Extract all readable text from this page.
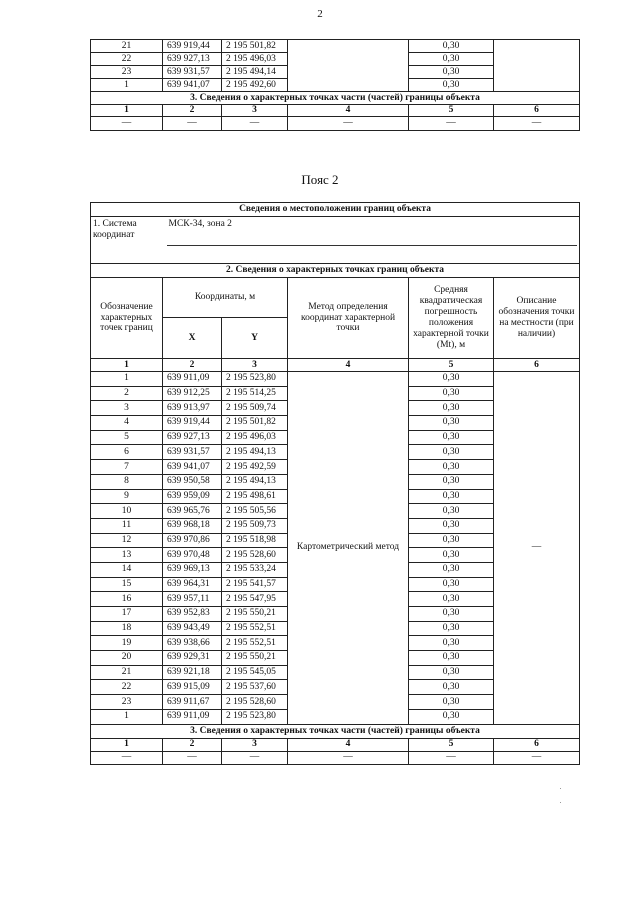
2
21	639 919,44	2 195 501,82		0,30	
22	639 927,13	2 195 496,03		0,30	
23	639 931,57	2 195 494,14		0,30	
1	639 941,07	2 195 492,60		0,30	
3. Сведения о характерных точках части (частей) границы объекта					
1	2	3	4	5	6
—	—	—	—	—	—
Пояс 2
Сведения о местоположении границ объекта					
1. Система координат	МСК-34, зона 2				

2. Сведения о характерных точках границ объекта					
Обозначение характерных точек границ	Координаты, м		Метод определения координат характерной точки	Средняя квадратическая погрешность положения характерной точки (Mt), м	Описание обозначения точки на местности (при наличии)
	X	Y			
1	2	3	4	5	6
1	639 911,09	2 195 523,80	Картометрический метод	0,30	—
2	639 912,25	2 195 514,25		0,30	
3	639 913,97	2 195 509,74		0,30	
4	639 919,44	2 195 501,82		0,30	
5	639 927,13	2 195 496,03		0,30	
6	639 931,57	2 195 494,13		0,30	
7	639 941,07	2 195 492,59		0,30	
8	639 950,58	2 195 494,13		0,30	
9	639 959,09	2 195 498,61		0,30	
10	639 965,76	2 195 505,56		0,30	
11	639 968,18	2 195 509,73		0,30	
12	639 970,86	2 195 518,98		0,30	
13	639 970,48	2 195 528,60		0,30	
14	639 969,13	2 195 533,24		0,30	
15	639 964,31	2 195 541,57		0,30	
16	639 957,11	2 195 547,95		0,30	
17	639 952,83	2 195 550,21		0,30	
18	639 943,49	2 195 552,51		0,30	
19	639 938,66	2 195 552,51		0,30	
20	639 929,31	2 195 550,21		0,30	
21	639 921,18	2 195 545,05		0,30	
22	639 915,09	2 195 537,60		0,30	
23	639 911,67	2 195 528,60		0,30	
1	639 911,09	2 195 523,80		0,30	
3. Сведения о характерных точках части (частей) границы объекта					
1	2	3	4	5	6
—	—	—	—	—	—
